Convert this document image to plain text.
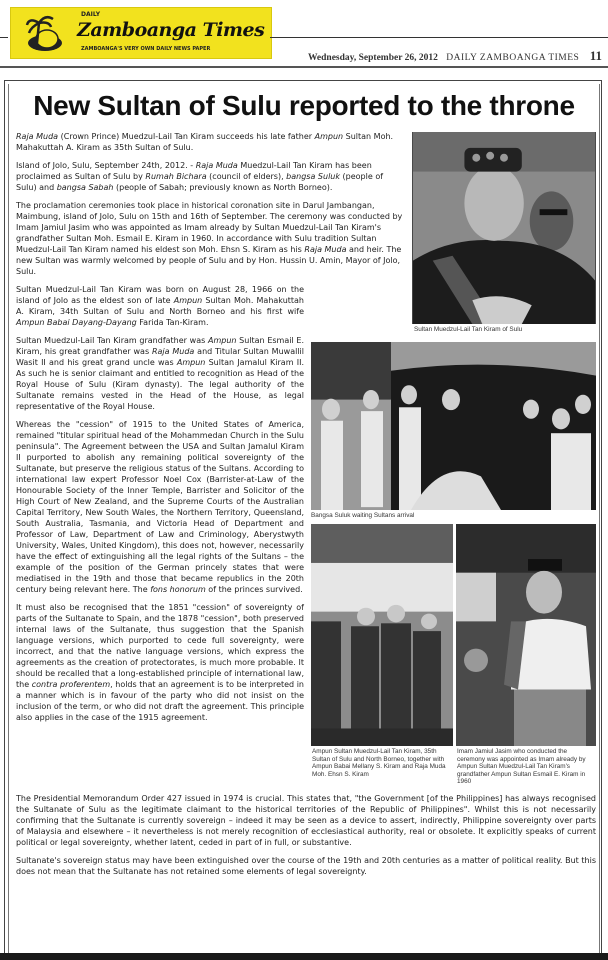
DAILY
Zamboanga Times
ZAMBOANGA'S VERY OWN DAILY NEWS PAPER
Wednesday, September 26, 2012 DAILY ZAMBOANGA TIMES 11
New Sultan of Sulu reported to the throne
Raja Muda (Crown Prince) Muedzul-Lail Tan Kiram succeeds his late father Ampun Sultan Moh. Mahakuttah A. Kiram as 35th Sultan of Sulu.
Island of Jolo, Sulu, September 24th, 2012. - Raja Muda Muedzul-Lail Tan Kiram has been proclaimed as Sultan of Sulu by Rumah Bichara (council of elders), bangsa Suluk (people of Sulu) and bangsa Sabah (people of Sabah; previously known as North Borneo).
The proclamation ceremonies took place in historical coronation site in Darul Jambangan, Maimbung, island of Jolo, Sulu on 15th and 16th of September. The ceremony was conducted by Imam Jamiul Jasim who was appointed as Imam already by Sultan Muedzul-Lail Tan Kiram's grandfather Sultan Moh. Esmail E. Kiram in 1960. In accordance with Sulu tradition Sultan Muedzul-Lail Tan Kiram named his eldest son Moh. Ehsn S. Kiram as his Raja Muda and heir. The new Sultan was warmly welcomed by people of Sulu and by Hon. Hussin U. Amin, Mayor of Jolo, Sulu.
Sultan Muedzul-Lail Tan Kiram was born on August 28, 1966 on the island of Jolo as the eldest son of late Ampun Sultan Moh. Mahakuttah A. Kiram, 34th Sultan of Sulu and North Borneo and his first wife Ampun Babai Dayang-Dayang Farida Tan-Kiram.
Sultan Muedzul-Lail Tan Kiram grandfather was Ampun Sultan Esmail E. Kiram, his great grandfather was Raja Muda and Titular Sultan Muwallil Wasit II and his great grand uncle was Ampun Sultan Jamalul Kiram II. As such he is senior claimant and entitled to recognition as Head of the Royal House of Sulu (Kiram dynasty). The legal authority of the Sultanate remains vested in the Head of the House, as legal representative of the Royal House.
Whereas the "cession" of 1915 to the United States of America, remained "titular spiritual head of the Mohammedan Church in the Sulu peninsula". The Agreement between the USA and Sultan Jamalul Kiram II purported to abolish any remaining political sovereignty of the Sultanate, but preserve the religious status of the Sultans. According to international law expert Professor Noel Cox (Barrister-at-Law of the Honourable Society of the Inner Temple, Barrister and Solicitor of the High Court of New Zealand, and the Supreme Courts of the Australian Capital Territory, New South Wales, the Northern Territory, Queensland, South Australia, Tasmania, and Victoria Head of Department and Professor of Law, Department of Law and Criminology, Aberystwyth University, Wales, United Kingdom), this does not, however, necessarily have the effect of extinguishing all the legal rights of the Sultans – the example of the position of the German princely states that were mediatised in the 19th and those that became republics in the 20th century being relevant here. The fons honorum of the princes survived.
It must also be recognised that the 1851 "cession" of sovereignty of parts of the Sultanate to Spain, and the 1878 "cession", both preserved internal laws of the Sultanate, thus suggestion that the Spanish language versions, which purported to cede full sovereignty, were incorrect, and that the native language versions, which express the agreements as the creation of protectorates, is much more probable. It should be recalled that a long-established principle of international law, the contra proferentem, holds that an agreement is to be interpreted in a manner which is in favour of the party who did not insist on the inclusion of the term, or who did not draft the agreement. This principle also applies in the case of the 1915 agreement.
The Presidential Memorandum Order 427 issued in 1974 is crucial. This states that, "the Government [of the Philippines] has always recognised the Sultanate of Sulu as the legitimate claimant to the historical territories of the Republic of Philippines". Whilst this is not necessarily confirming that the Sultanate is currently sovereign – indeed it may be seen as a device to assert, indirectly, Philippine sovereignty over parts of Malaysia and elsewhere – it nevertheless is not merely recognition of ecclesiastical authority, real or obsolete. It explicitly speaks of current political or legal sovereignty, whether latent, ceded in part of in full, or substantive.
Sultanate's sovereign status may have been extinguished over the course of the 19th and 20th centuries as a matter of political reality. But this does not mean that the Sultanate has not retained some elements of legal sovereignty.
Sultan Muedzul-Lail Tan Kiram of Sulu
Bangsa Suluk waiting Sultans arrival
Ampun Sultan Muedzul-Lail Tan Kiram, 35th Sultan of Sulu and North Borneo, together with Ampun Babai Mellany S. Kiram and Raja Muda Moh. Ehsn S. Kiram
Imam Jamiul Jasim who conducted the ceremony was appointed as Imam already by Ampun Sultan Muedzul-Lail Tan Kiram's grandfather Ampun Sultan Esmail E. Kiram in 1960
